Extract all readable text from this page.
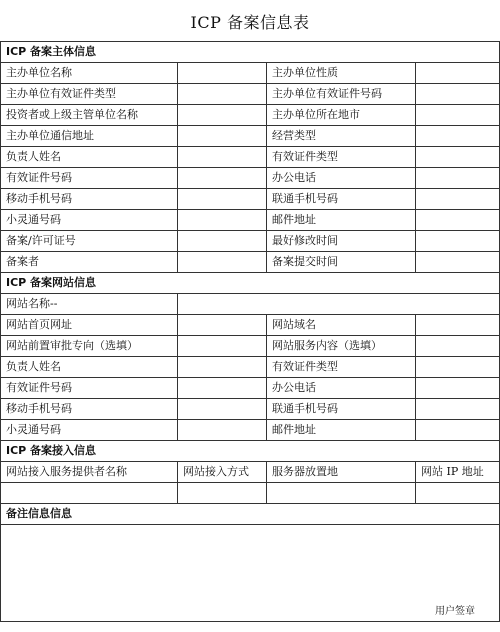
ICP 备案信息表
ICP 备案主体信息			
主办单位名称		主办单位性质	
主办单位有效证件类型		主办单位有效证件号码	
投资者或上级主管单位名称		主办单位所在地市	
主办单位通信地址		经营类型	
负责人姓名		有效证件类型	
有效证件号码		办公电话	
移动手机号码		联通手机号码	
小灵通号码		邮件地址	
备案/许可证号		最好修改时间	
备案者		备案提交时间	
ICP 备案网站信息			
网站名称--			
网站首页网址		网站域名	
网站前置审批专向（选填）		网站服务内容（选填）	
负责人姓名		有效证件类型	
有效证件号码		办公电话	
移动手机号码		联通手机号码	
小灵通号码		邮件地址	
ICP 备案接入信息			
网站接入服务提供者名称	网站接入方式	服务器放置地	网站 IP 地址

备注信息信息			

用户签章			
